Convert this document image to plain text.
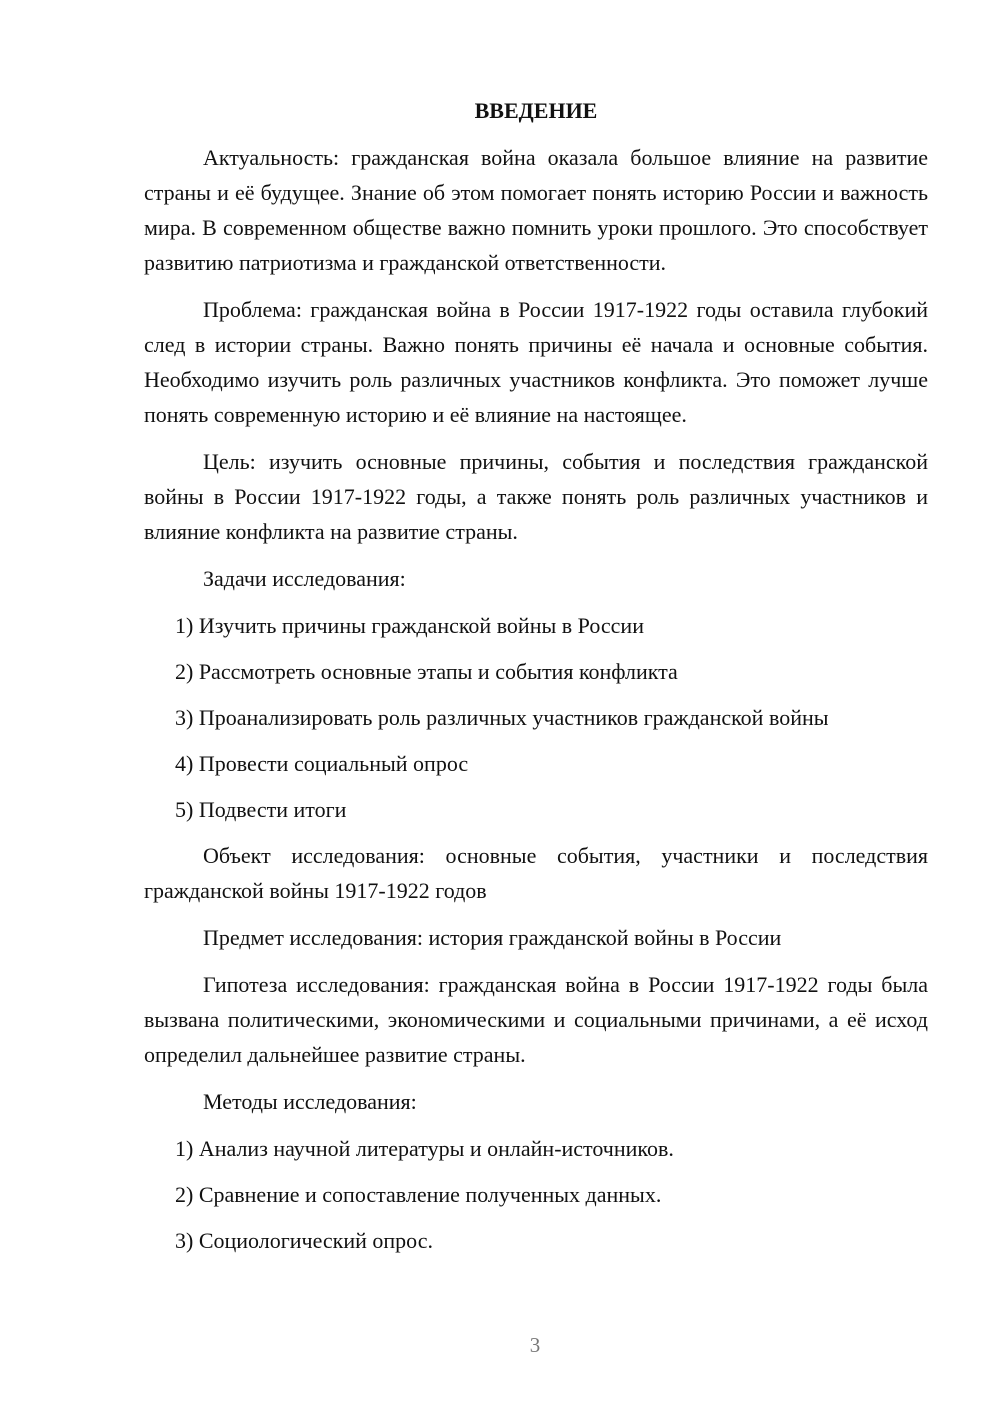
ВВЕДЕНИЕ

Актуальность: гражданская война оказала большое влияние на развитие страны и её будущее. Знание об этом помогает понять историю России и важность мира. В современном обществе важно помнить уроки прошлого. Это способствует развитию патриотизма и гражданской ответственности.

Проблема: гражданская война в России 1917-1922 годы оставила глубокий след в истории страны. Важно понять причины её начала и основные события. Необходимо изучить роль различных участников конфликта. Это поможет лучше понять современную историю и её влияние на настоящее.

Цель: изучить основные причины, события и последствия гражданской войны в России 1917-1922 годы, а также понять роль различных участников и влияние конфликта на развитие страны.

Задачи исследования:

1) Изучить причины гражданской войны в России
2) Рассмотреть основные этапы и события конфликта
3) Проанализировать роль различных участников гражданской войны
4) Провести социальный опрос
5) Подвести итоги

Объект исследования: основные события, участники и последствия гражданской войны 1917-1922 годов

Предмет исследования: история гражданской войны в России

Гипотеза исследования: гражданская война в России 1917-1922 годы была вызвана политическими, экономическими и социальными причинами, а её исход определил дальнейшее развитие страны.

Методы исследования:

1) Анализ научной литературы и онлайн-источников.
2) Сравнение и сопоставление полученных данных.
3) Социологический опрос.
3
